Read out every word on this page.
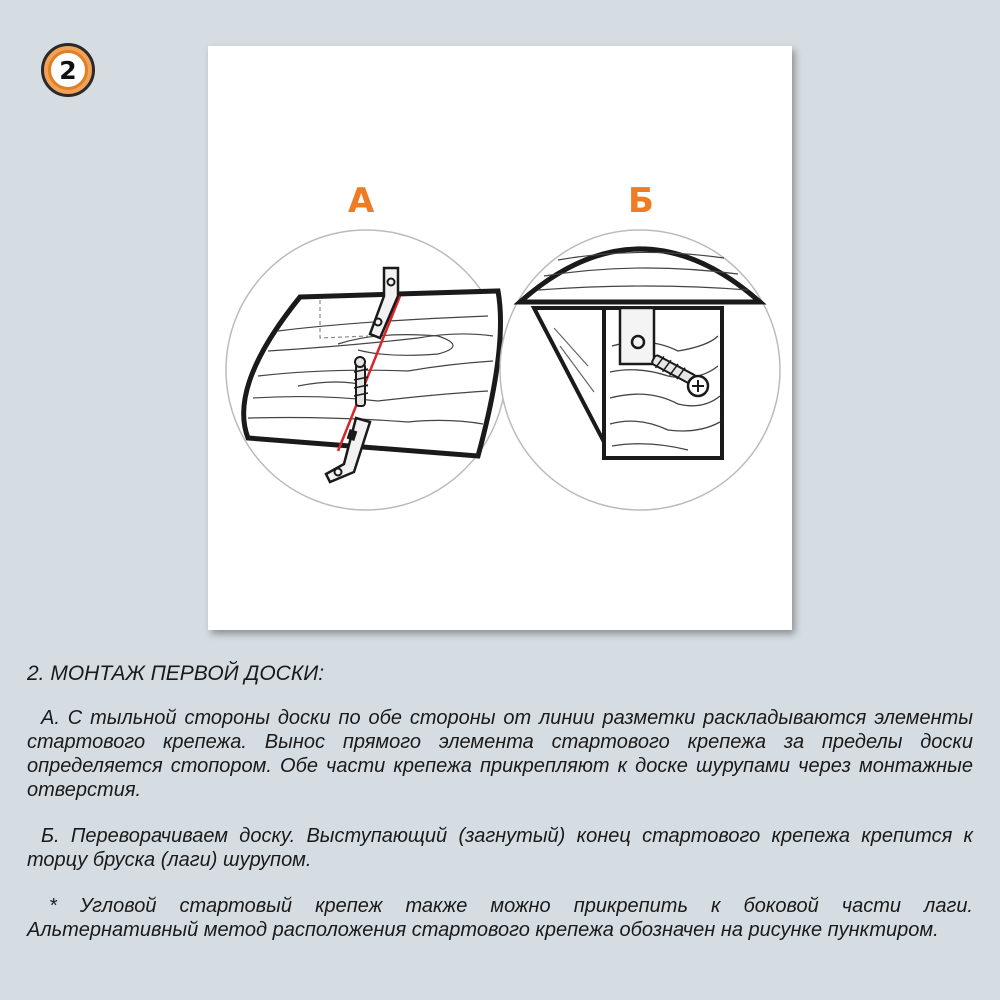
2
А	Б

2. МОНТАЖ ПЕРВОЙ ДОСКИ:

А. С тыльной стороны доски по обе стороны от линии разметки раскладываются элементы стартового крепежа. Вынос прямого элемента стартового крепежа за пределы доски определяется стопором. Обе части крепежа прикрепляют к доске шурупами через монтажные отверстия.

Б. Переворачиваем доску. Выступающий (загнутый) конец стартового крепежа крепится к торцу бруска (лаги) шурупом.

* Угловой стартовый крепеж также можно прикрепить к боковой части лаги. Альтернативный метод расположения стартового крепежа обозначен на рисунке пунктиром.
